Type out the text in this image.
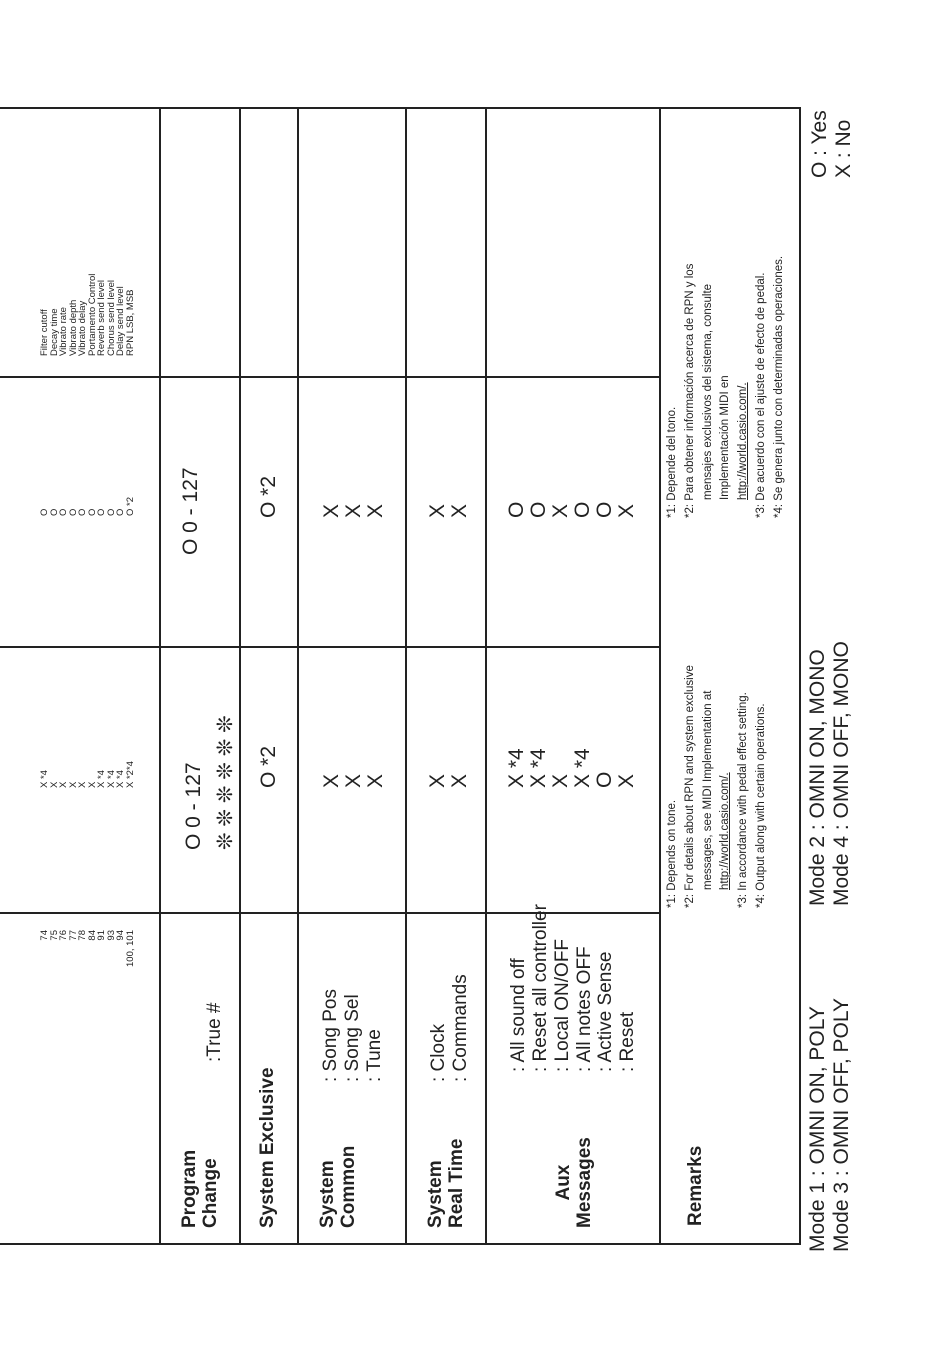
74
75
76
77
78
84
91
93
94
100, 101
X *4
X
X
X
X
X
X *4
X *4
X *4
X *2*4
O
O
O
O
O
O
O
O
O
O *2
Filter cutoff
Decay time
Vibrato rate
Vibrato depth
Vibrato delay
Portamento Control
Reverb send level
Chorus send level
Delay send level
RPN LSB, MSB
Program Change
:True #
O 0 - 127 ❊ ❊ ❊ ❊ ❊ ❊
O 0 - 127
System Exclusive
O *2
O *2
System Common
: Song Pos : Song Sel : Tune
X X X
X X X
System Real Time
: Clock : Commands
X X
X X
Aux Messages
: All sound off : Reset all controller : Local ON/OFF : All notes OFF : Active Sense : Reset
X *4 X *4 X X *4 O X
O O X O O X
Remarks
*1: Depends on tone. *2: For details about RPN and system exclusive messages, see MIDI Implementation at http://world.casio.com/. *3: In accordance with pedal effect setting. *4: Output along with certain operations.
*1: Depende del tono. *2: Para obtener información acerca de RPN y los mensajes exclusivos del sistema, consulte Implementación MIDI en http://world.casio.com/. *3: De acuerdo con el ajuste de efecto de pedal. *4: Se genera junto con determinadas operaciones.
Mode 1 : OMNI ON, POLY Mode 3 : OMNI OFF, POLY
Mode 2 : OMNI ON, MONO Mode 4 : OMNI OFF, MONO
O : Yes X : No
